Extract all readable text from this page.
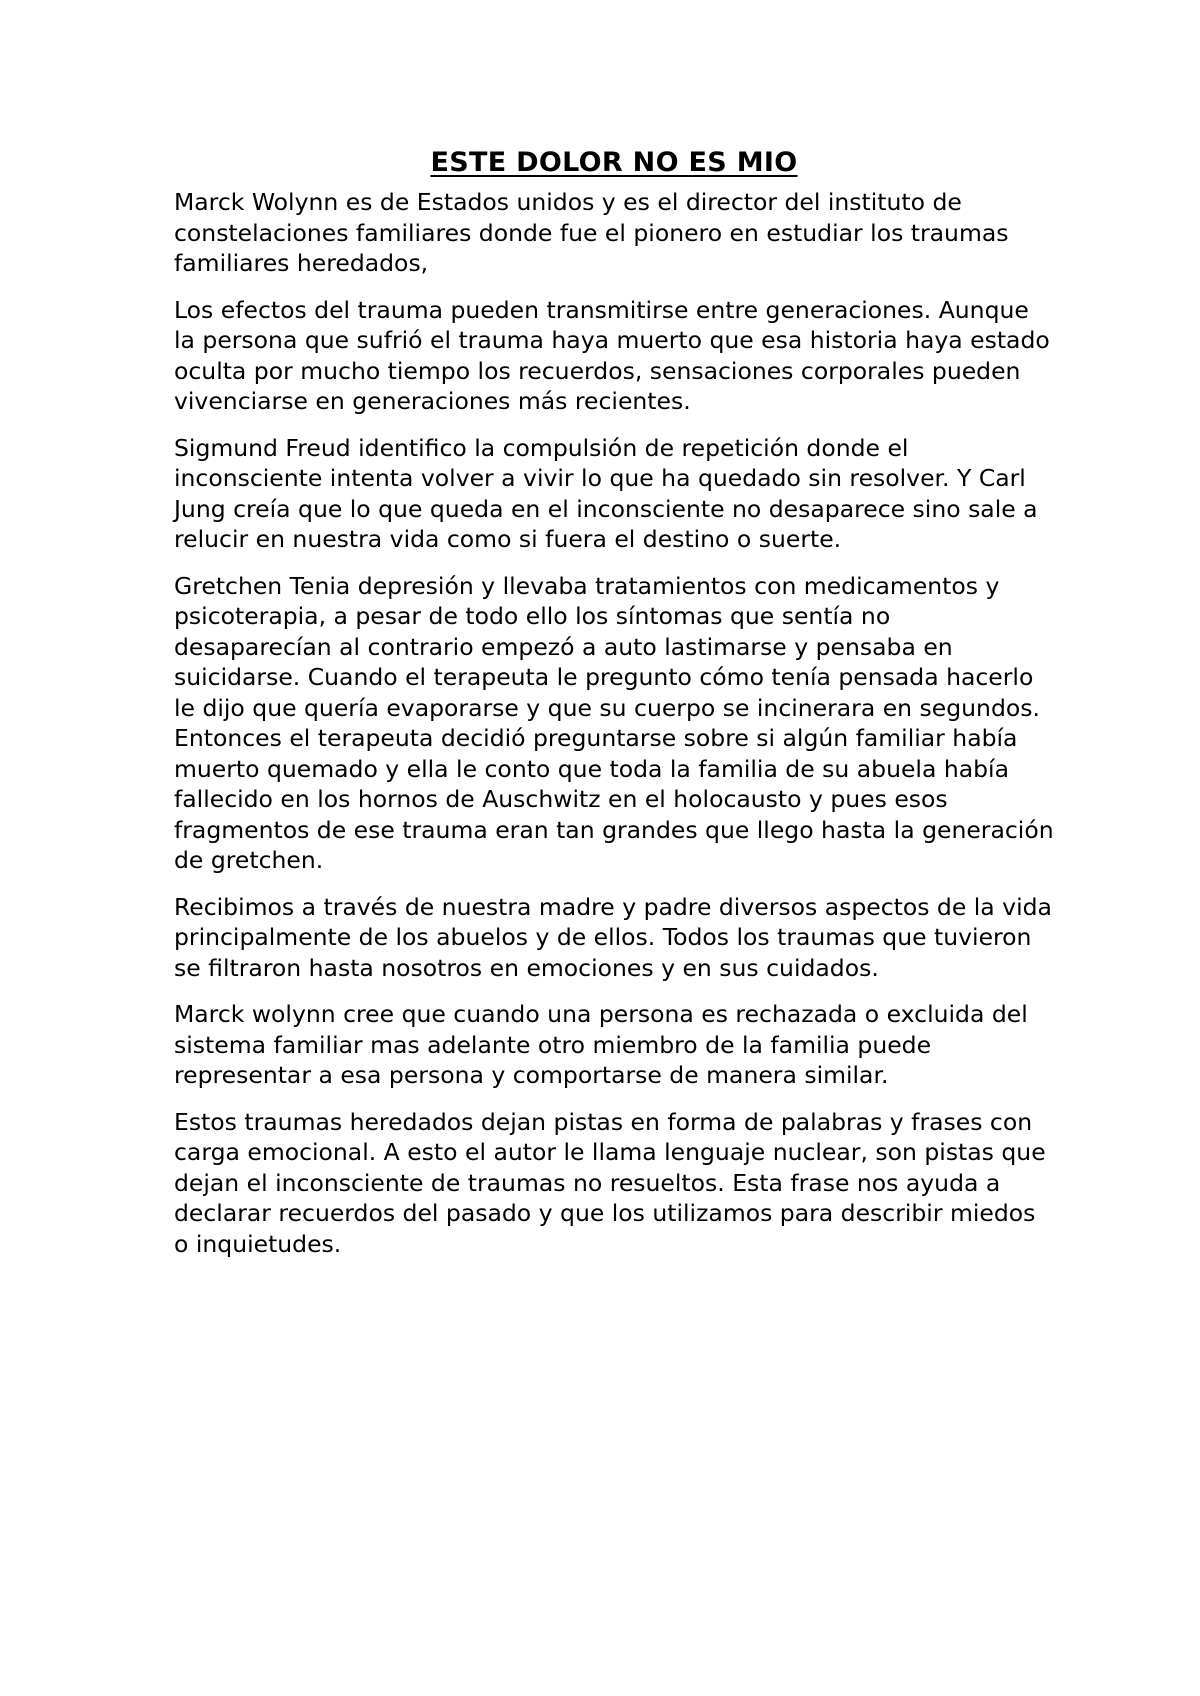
ESTE DOLOR NO ES MIO

Marck Wolynn es de Estados unidos y es el director del instituto de constelaciones familiares donde fue el pionero en estudiar los traumas familiares heredados,

Los efectos del trauma pueden transmitirse entre generaciones. Aunque la persona que sufrió el trauma haya muerto que esa historia haya estado oculta por mucho tiempo los recuerdos, sensaciones corporales pueden vivenciarse en generaciones más recientes.

Sigmund Freud identifico la compulsión de repetición donde el inconsciente intenta volver a vivir lo que ha quedado sin resolver. Y Carl Jung creía que lo que queda en el inconsciente no desaparece sino sale a relucir en nuestra vida como si fuera el destino o suerte.

Gretchen Tenia depresión y llevaba tratamientos con medicamentos y psicoterapia, a pesar de todo ello los síntomas que sentía no desaparecían al contrario empezó a auto lastimarse y pensaba en suicidarse. Cuando el terapeuta le pregunto cómo tenía pensada hacerlo le dijo que quería evaporarse y que su cuerpo se incinerara en segundos. Entonces el terapeuta decidió preguntarse sobre si algún familiar había muerto quemado y ella le conto que toda la familia de su abuela había fallecido en los hornos de Auschwitz en el holocausto y pues esos fragmentos de ese trauma eran tan grandes que llego hasta la generación de gretchen.

Recibimos a través de nuestra madre y padre diversos aspectos de la vida principalmente de los abuelos y de ellos. Todos los traumas que tuvieron se filtraron hasta nosotros en emociones y en sus cuidados.

Marck wolynn cree que cuando una persona es rechazada o excluida del sistema familiar mas adelante otro miembro de la familia puede representar a esa persona y comportarse de manera similar.

Estos traumas heredados dejan pistas en forma de palabras y frases con carga emocional. A esto el autor le llama lenguaje nuclear, son pistas que dejan el inconsciente de traumas no resueltos. Esta frase nos ayuda a declarar recuerdos del pasado y que los utilizamos para describir miedos o inquietudes.
